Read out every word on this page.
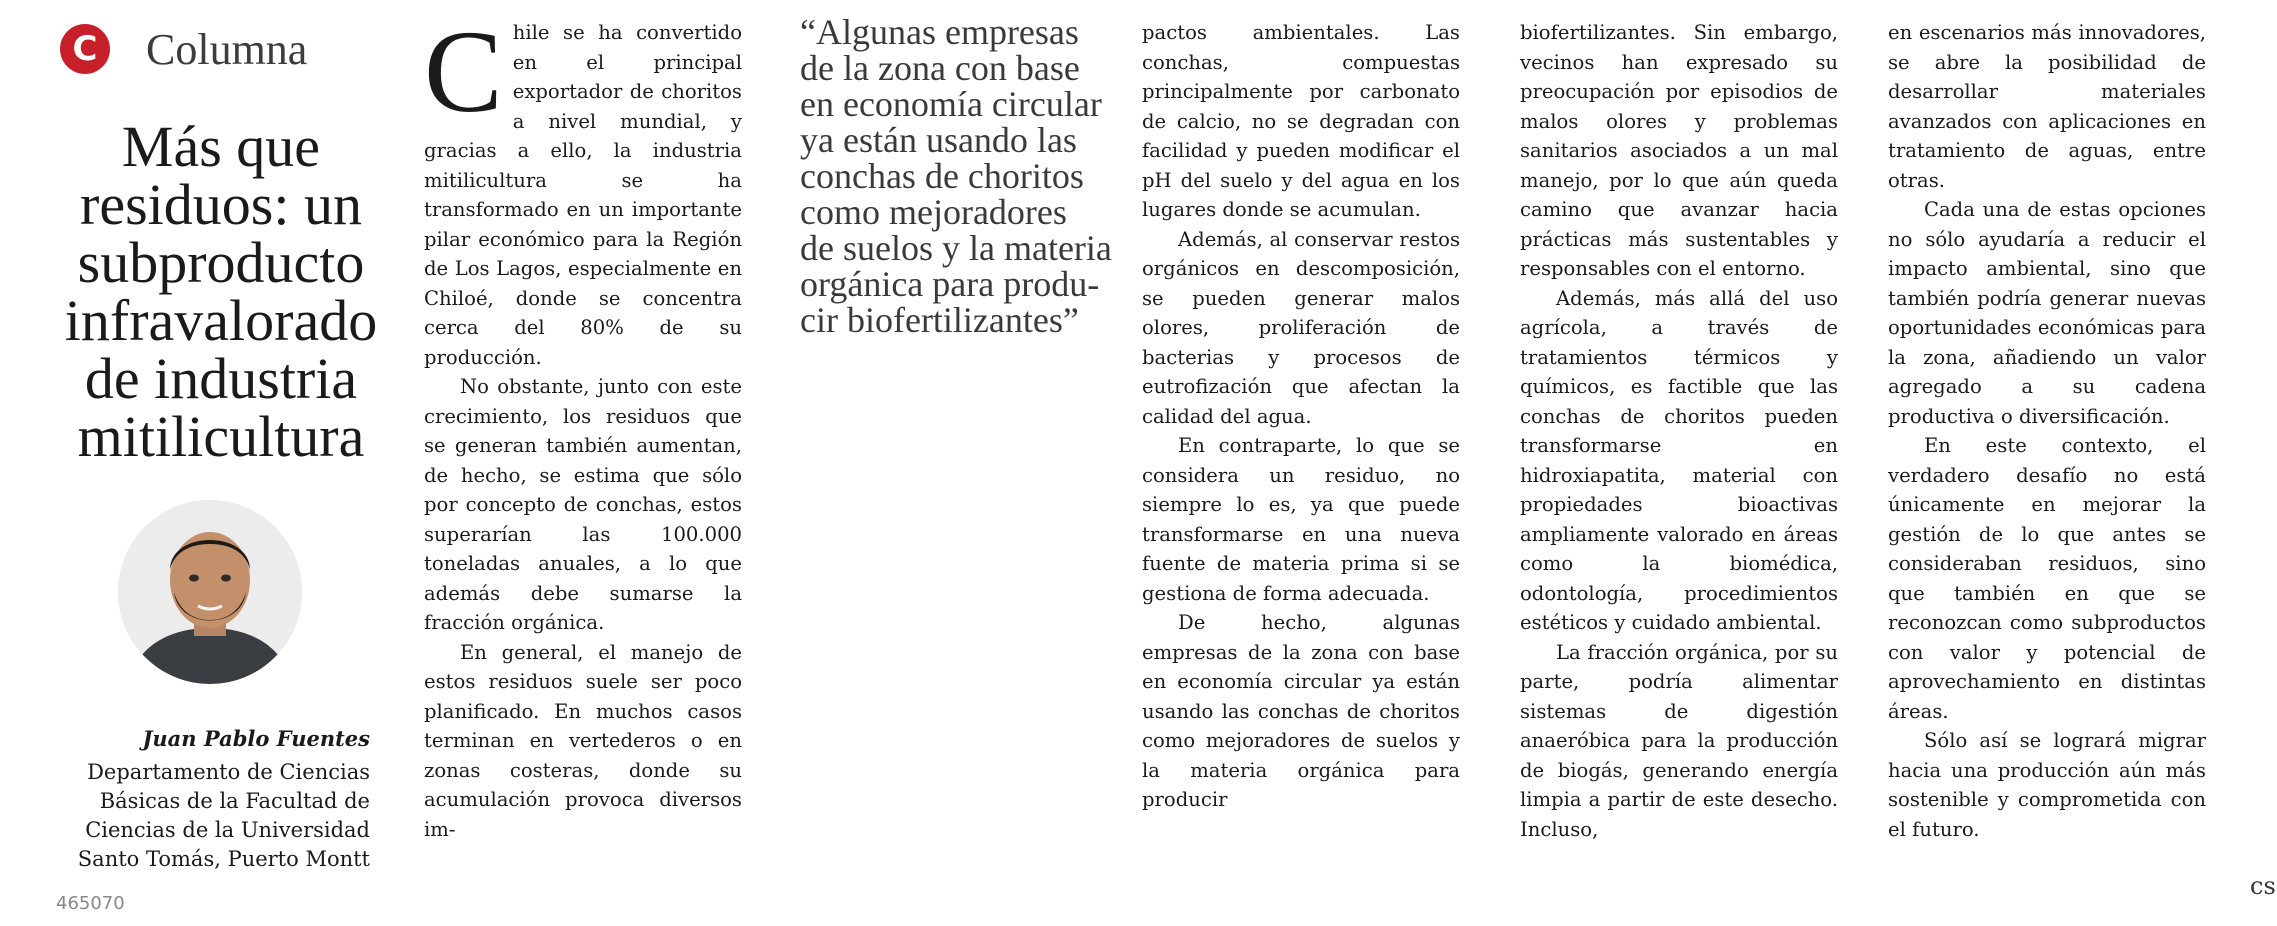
C Columna
Más que
residuos: un
subproducto
infravalorado
de industria
mitilicultura
Juan Pablo Fuentes
Departamento de Ciencias
Básicas de la Facultad de
Ciencias de la Universidad
Santo Tomás, Puerto Montt
465070

Chile se ha convertido en el principal exportador de choritos a nivel mundial, y gracias a ello, la industria mitilicultura se ha transformado en un importante pilar económico para la Región de Los Lagos, especialmente en Chiloé, donde se concentra cerca del 80% de su producción.

No obstante, junto con este crecimiento, los residuos que se generan también aumentan, de hecho, se estima que sólo por concepto de conchas, estos superarían las 100.000 toneladas anuales, a lo que además debe sumarse la fracción orgánica.

En general, el manejo de estos residuos suele ser poco planificado. En muchos casos terminan en vertederos o en zonas costeras, donde su acumulación provoca diversos im-

“Algunas empresas
de la zona con base
en economía circular
ya están usando las
conchas de choritos
como mejoradores
de suelos y la materia
orgánica para produ-
cir biofertilizantes”

pactos ambientales. Las conchas, compuestas principalmente por carbonato de calcio, no se degradan con facilidad y pueden modificar el pH del suelo y del agua en los lugares donde se acumulan.

Además, al conservar restos orgánicos en descomposición, se pueden generar malos olores, proliferación de bacterias y procesos de eutrofización que afectan la calidad del agua.

En contraparte, lo que se considera un residuo, no siempre lo es, ya que puede transformarse en una nueva fuente de materia prima si se gestiona de forma adecuada.

De hecho, algunas empresas de la zona con base en economía circular ya están usando las conchas de choritos como mejoradores de suelos y la materia orgánica para producir

biofertilizantes. Sin embargo, vecinos han expresado su preocupación por episodios de malos olores y problemas sanitarios asociados a un mal manejo, por lo que aún queda camino que avanzar hacia prácticas más sustentables y responsables con el entorno.

Además, más allá del uso agrícola, a través de tratamientos térmicos y químicos, es factible que las conchas de choritos pueden transformarse en hidroxiapatita, material con propiedades bioactivas ampliamente valorado en áreas como la biomédica, odontología, procedimientos estéticos y cuidado ambiental.

La fracción orgánica, por su parte, podría alimentar sistemas de digestión anaeróbica para la producción de biogás, generando energía limpia a partir de este desecho. Incluso,

en escenarios más innovadores, se abre la posibilidad de desarrollar materiales avanzados con aplicaciones en tratamiento de aguas, entre otras.

Cada una de estas opciones no sólo ayudaría a reducir el impacto ambiental, sino que también podría generar nuevas oportunidades económicas para la zona, añadiendo un valor agregado a su cadena productiva o diversificación.

En este contexto, el verdadero desafío no está únicamente en mejorar la gestión de lo que antes se consideraban residuos, sino que también en que se reconozcan como subproductos con valor y potencial de aprovechamiento en distintas áreas.

Sólo así se logrará migrar hacia una producción aún más sostenible y comprometida con el futuro.

cs
